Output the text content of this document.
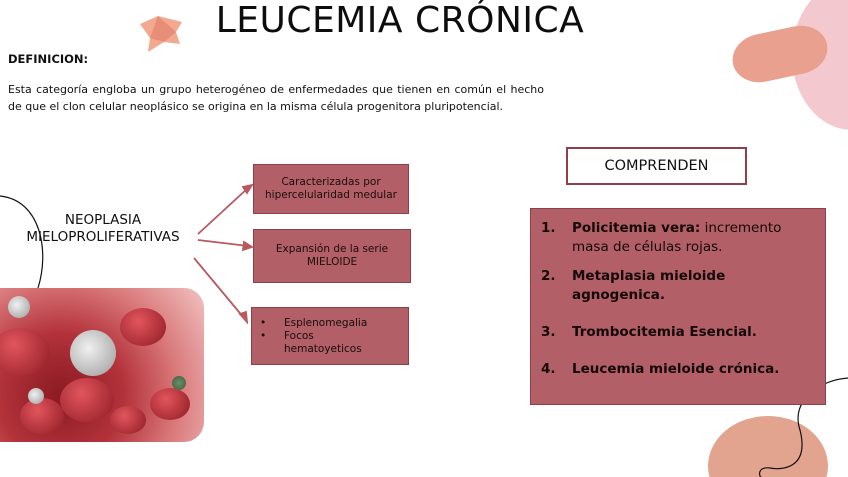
LEUCEMIA CRÓNICA
DEFINICION:
Esta categoría engloba un grupo heterogéneo de enfermedades que tienen en común el hecho de que el clon celular neoplásico se origina en la misma célula progenitora pluripotencial.
NEOPLASIA
MIELOPROLIFERATIVAS
Caracterizadas por hipercelularidad medular
Expansión de la serie MIELOIDE
•	Esplenomegalia
•	Focos
hematoyeticos
COMPRENDEN
1.	Policitemia vera: incremento masa de células rojas.
2.	Metaplasia mieloide agnogenica.
3.	Trombocitemia Esencial.
4.	Leucemia mieloide crónica.
